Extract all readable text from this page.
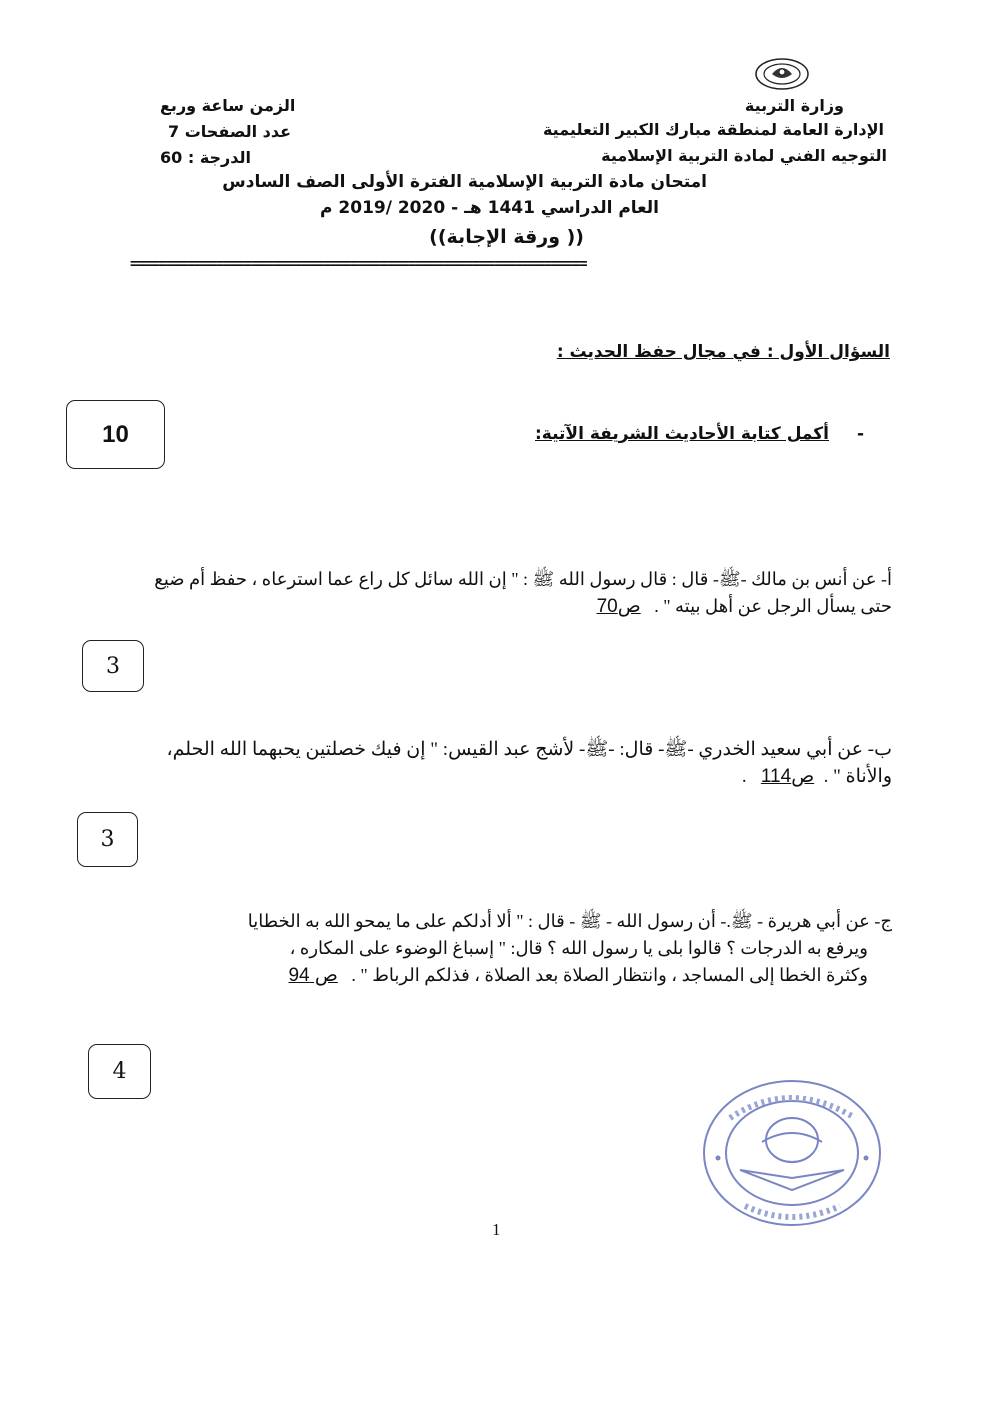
وزارة التربية
الإدارة العامة لمنطقة مبارك الكبير التعليمية
التوجيه الفني لمادة التربية الإسلامية
الزمن ساعة وربع
عدد الصفحات 7
الدرجة : 60
امتحان مادة التربية الإسلامية الفترة الأولى الصف السادس
العام الدراسي 1441 هـ - 2019/ 2020 م
(( ورقة الإجابة))
================================================================
السؤال الأول : في مجال حفظ الحديث :
- أكمل كتابة الأحاديث الشريفة الآتية:
10

أ- عن أنس بن مالك -ﷺ- قال : قال رسول الله ﷺ : " إن الله سائل كل راع عما استرعاه ، حفظ أم ضيع

حتى يسأل الرجل عن أهل بيته " .   ص70

3

ب- عن أبي سعيد الخدري -ﷺ- قال: -ﷺ- لأشج عبد القيس: " إن فيك خصلتين يحبهما الله الحلم،

والأناة " .  ص114   .

3

ج- عن أبي هريرة - ﷺ.- أن رسول الله - ﷺ - قال : " ألا أدلكم على ما يمحو الله به الخطايا

ويرفع به الدرجات ؟ قالوا بلى يا رسول الله ؟ قال: " إسباغ الوضوء على المكاره ،

وكثرة الخطا إلى المساجد ، وانتظار الصلاة بعد الصلاة ، فذلكم الرباط " .   ص 94

4
1
